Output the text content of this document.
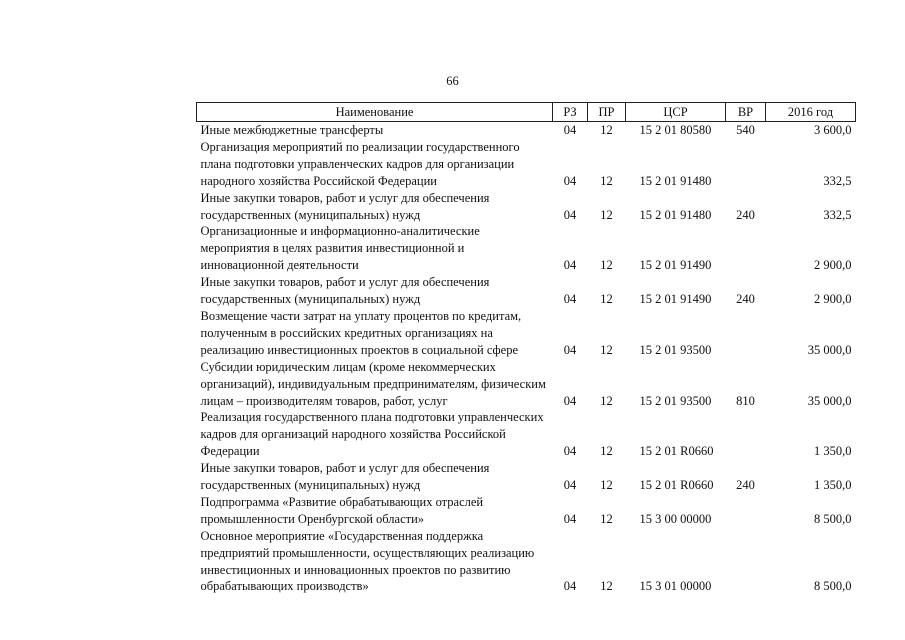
66
Наименование	РЗ	ПР	ЦСР	ВР	2016 год
Иные межбюджетные трансферты	04	12	15 2 01 80580	540	3 600,0
Организация мероприятий по реализации государственного плана подготовки управленческих кадров для организации народного хозяйства Российской Федерации	04	12	15 2 01 91480		332,5
Иные закупки товаров, работ и услуг для обеспечения государственных (муниципальных) нужд	04	12	15 2 01 91480	240	332,5
Организационные и информационно-аналитические мероприятия в целях развития инвестиционной и инновационной деятельности	04	12	15 2 01 91490		2 900,0
Иные закупки товаров, работ и услуг для обеспечения государственных (муниципальных) нужд	04	12	15 2 01 91490	240	2 900,0
Возмещение части затрат на уплату процентов по кредитам, полученным в российских кредитных организациях на реализацию инвестиционных проектов в социальной сфере	04	12	15 2 01 93500		35 000,0
Субсидии юридическим лицам (кроме некоммерческих организаций), индивидуальным предпринимателям, физическим лицам – производителям товаров, работ, услуг	04	12	15 2 01 93500	810	35 000,0
Реализация государственного плана подготовки управленческих кадров для организаций народного хозяйства Российской Федерации	04	12	15 2 01 R0660		1 350,0
Иные закупки товаров, работ и услуг для обеспечения государственных (муниципальных) нужд	04	12	15 2 01 R0660	240	1 350,0
Подпрограмма «Развитие обрабатывающих отраслей промышленности Оренбургской области»	04	12	15 3 00 00000		8 500,0
Основное мероприятие «Государственная поддержка предприятий промышленности, осуществляющих реализацию инвестиционных и инновационных проектов по развитию обрабатывающих производств»	04	12	15 3 01 00000		8 500,0
